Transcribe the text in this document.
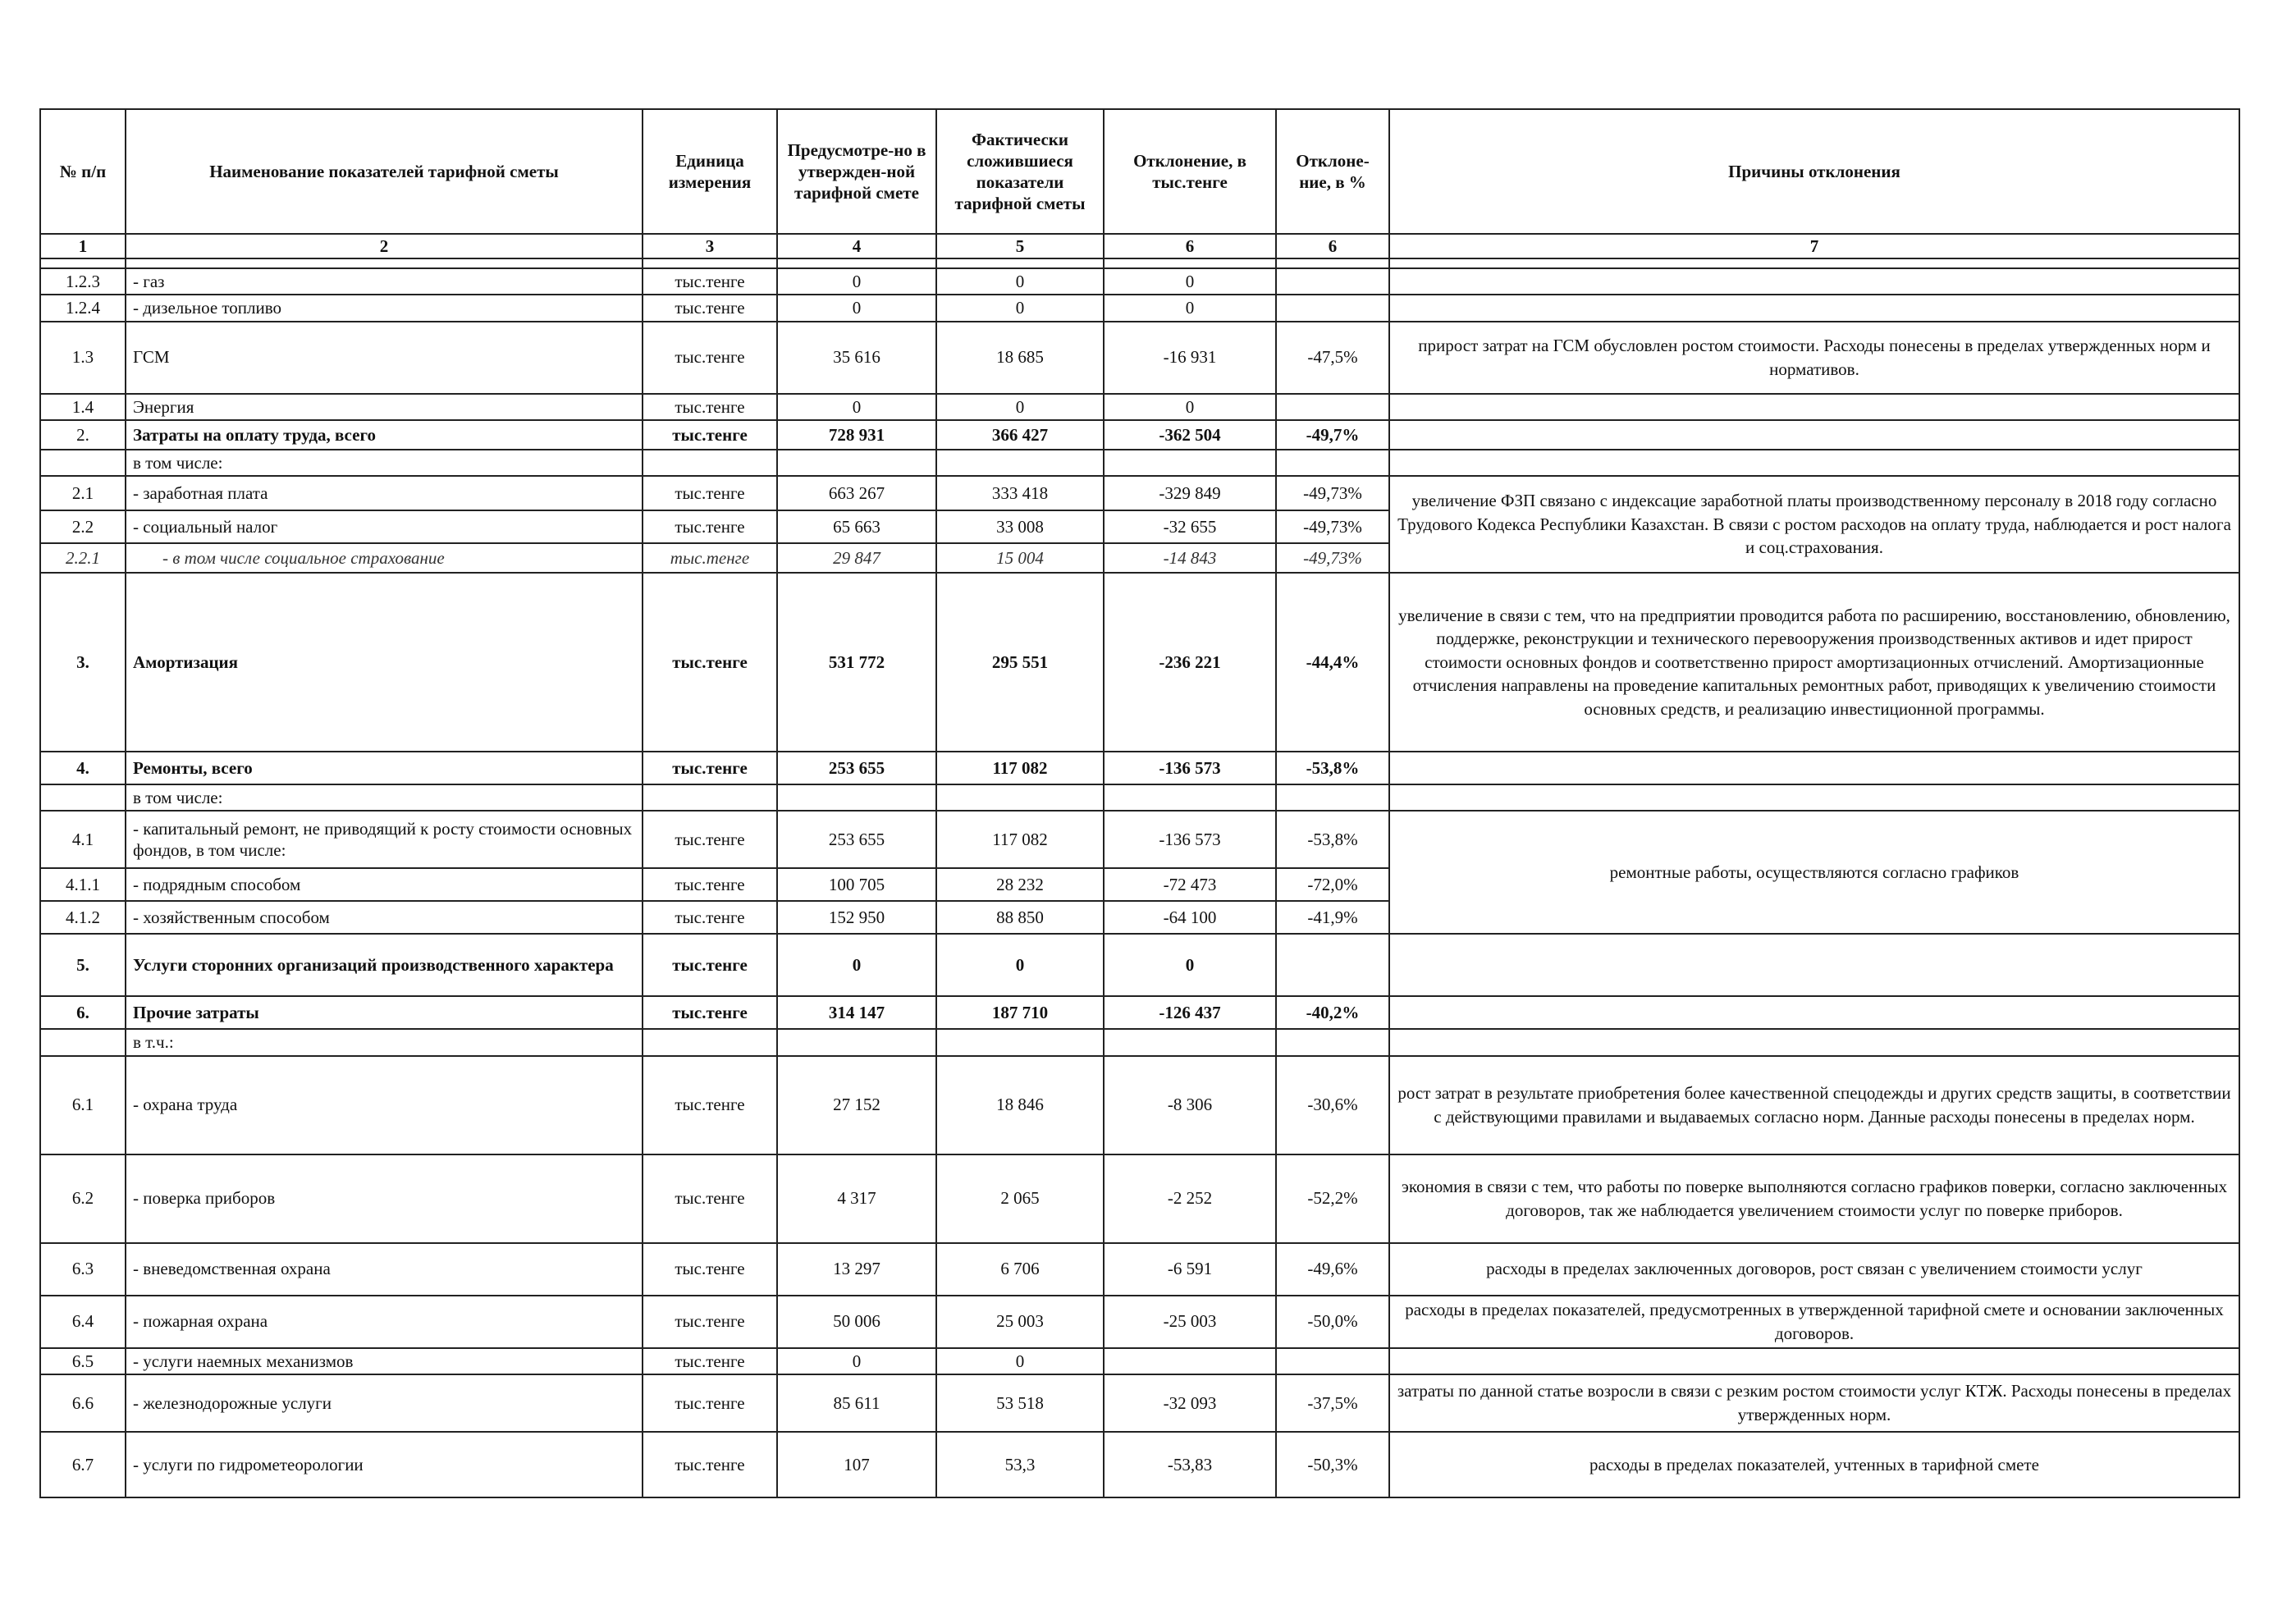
№ п/п	Наименование показателей тарифной сметы	Единица измерения	Предусмотре-но в утвержден-ной тарифной смете	Фактически сложившиеся показатели тарифной сметы	Отклонение, в тыс.тенге	Отклоне-ние, в %	Причины отклонения
1	2	3	4	5	6	6	7

1.2.3	- газ	тыс.тенге	0	0	0		
1.2.4	- дизельное топливо	тыс.тенге	0	0	0		
1.3	ГСМ	тыс.тенге	35 616	18 685	-16 931	-47,5%	прирост затрат на ГСМ обусловлен ростом стоимости. Расходы понесены в пределах утвержденных норм и нормативов.
1.4	Энергия	тыс.тенге	0	0	0		
2.	Затраты на оплату труда, всего	тыс.тенге	728 931	366 427	-362 504	-49,7%	
	в том числе:						
2.1	- заработная плата	тыс.тенге	663 267	333 418	-329 849	-49,73%	увеличение ФЗП связано с индексацие заработной платы производственному персоналу в 2018 году согласно Трудового Кодекса Республики Казахстан. В связи с ростом расходов на оплату труда, наблюдается и рост налога и соц.страхования.
2.2	- социальный налог	тыс.тенге	65 663	33 008	-32 655	-49,73%	
2.2.1	- в том числе социальное страхование	тыс.тенге	29 847	15 004	-14 843	-49,73%	
3.	Амортизация	тыс.тенге	531 772	295 551	-236 221	-44,4%	увеличение в связи с тем, что на предприятии проводится работа по расширению, восстановлению, обновлению, поддержке, реконструкции и технического перевооружения производственных активов и идет прирост стоимости основных фондов и соответственно прирост амортизационных отчислений. Амортизационные отчисления направлены на проведение капитальных ремонтных работ, приводящих к увеличению стоимости основных средств, и реализацию инвестиционной программы.
4.	Ремонты, всего	тыс.тенге	253 655	117 082	-136 573	-53,8%	
	в том числе:						
4.1	- капитальный ремонт, не приводящий к росту стоимости основных фондов, в том числе:	тыс.тенге	253 655	117 082	-136 573	-53,8%	ремонтные работы, осуществляются согласно графиков
4.1.1	- подрядным способом	тыс.тенге	100 705	28 232	-72 473	-72,0%	
4.1.2	- хозяйственным способом	тыс.тенге	152 950	88 850	-64 100	-41,9%	
5.	Услуги сторонних организаций производственного характера	тыс.тенге	0	0	0		
6.	Прочие затраты	тыс.тенге	314 147	187 710	-126 437	-40,2%	
	в т.ч.:						
6.1	- охрана труда	тыс.тенге	27 152	18 846	-8 306	-30,6%	рост затрат в результате приобретения более качественной спецодежды и других средств защиты, в соответствии с действующими правилами и выдаваемых согласно норм. Данные расходы понесены в пределах норм.
6.2	- поверка приборов	тыс.тенге	4 317	2 065	-2 252	-52,2%	экономия в связи с тем, что работы по поверке выполняются согласно графиков поверки, согласно заключенных договоров, так же наблюдается увеличением стоимости услуг по поверке приборов.
6.3	- вневедомственная охрана	тыс.тенге	13 297	6 706	-6 591	-49,6%	расходы в пределах заключенных договоров, рост связан с увеличением стоимости услуг
6.4	- пожарная охрана	тыс.тенге	50 006	25 003	-25 003	-50,0%	расходы в пределах показателей, предусмотренных в утвержденной тарифной смете и основании заключенных договоров.
6.5	- услуги наемных механизмов	тыс.тенге	0	0			
6.6	- железнодорожные услуги	тыс.тенге	85 611	53 518	-32 093	-37,5%	затраты по данной статье возросли в связи с резким ростом стоимости услуг КТЖ. Расходы понесены в пределах утвержденных норм.
6.7	- услуги по гидрометеорологии	тыс.тенге	107	53,3	-53,83	-50,3%	расходы в пределах показателей, учтенных в тарифной смете
